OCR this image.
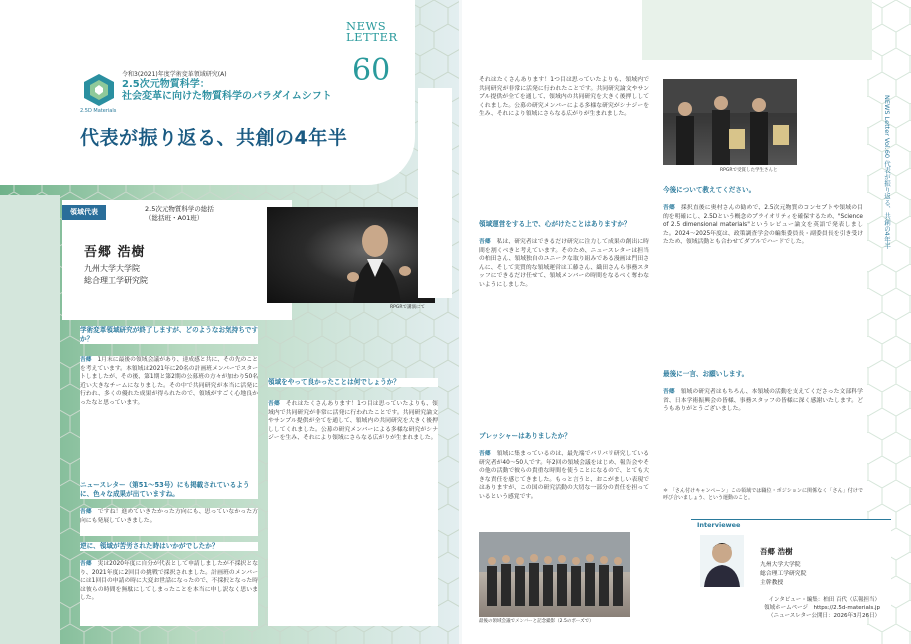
NEWS
LETTER
60
2.5D Materials
令和3(2021)年度学術変革領域研究(A)
2.5次元物質科学：
社会変革に向けた物質科学のパラダイムシフト
代表が振り返る、共創の4年半
領域代表	2.5次元物質科学の総括
（総括班・A01班）
吾郷 浩樹
九州大学大学院
総合理工学研究院
RPGRで講演にて
学術変革領域研究が終了しますが、どのようなお気持ちですか？
吾郷　 1月末に最後の領域会議があり、達成感と共に、その先のことを考えています。本領域は2021年に20名の計画班メンバーでスタートしましたが、その後、第1期と第2期の公募班の方々が加わり50名近い大きなチームになりました。その中で共同研究が本当に活発に行われ、多くの優れた成果が得られたので、領域がすごく心地良かったなと思っています。
ニュースレター（第51〜53号）にも掲載されているように、色々な成果が出ていますね。
吾郷　 ですね！進めていきたかった方向にも、思っていなかった方向にも発展していきました。
逆に、領域が苦労された時はいかがでしたか？
吾郷　 実は2020年度に自分が代表として申請しましたが不採択となり、2021年度に2回目の挑戦で採択されました。計画班のメンバーには1回目の申請の時に大変お世話になったので、不採択となった時は彼らの時間を無駄にしてしまったことを本当に申し訳なく思いました。
領域をやって良かったことは何でしょうか？
吾郷　 それはたくさんあります！1つ目は思っていたよりも、領域内で共同研究が非常に活発に行われたことです。共同研究論文やサンプル提供が全てを通して、領域内の共同研究を大きく後押ししてくれました。公募の研究メンバーによる多様な研究がシナジーを生み、それにより領域にさらなる広がりが生まれました。
それはたくさんあります！1つ目は思っていたよりも、領域内で共同研究が非常に活発に行われたことです。共同研究論文やサンプル提供が全てを通して、領域内の共同研究を大きく後押ししてくれました。公募の研究メンバーによる多様な研究がシナジーを生み、それにより領域にさらなる広がりが生まれました。
領域運営をする上で、心がけたことはありますか？
吾郷　 私は、研究者はできるだけ研究に注力して成果の創出に時間を割くべきと考えています。そのため、ニュースレターは担当の柏田さん、領域独自のユニークな取り組みである漫画は門田さんに、そして実質的な領域運営は工藤さん、織田さんら事務スタッフにできるだけ任せて、領域メンバーの時間をなるべく奪わないようにしました。
プレッシャーはありましたか？
吾郷　 領域に集まっているのは、最先端でバリバリ研究している研究者が40〜50人です。年2回の領域会議をはじめ、報告会やその他の活動で彼らの貴重な時間を使うことになるので、とても大きな責任を感じてきました。もっと言うと、おこがましい表現ではありますが、この国の研究活動の大切な一部分の責任を担っているという感覚です。
最後の領域会議でメンバーと記念撮影（2.5のポーズで）
RPGRで受賞した学生さんと
今後について教えてください。
吾郷　 採択直後に奥村さんの勧めで、2.5次元物質のコンセプトや領域の目的を明確にし、2.5Dという概念のプライオリティを確保するため、"Science of 2.5 dimensional materials"というレビュー論文を英語で発表しました。2024〜2025年度は、政策調査学会の編集委員長・副委員長を引き受けたため、領域活動とも合わせてダブルでハードでした。
最後に一言、お願いします。
吾郷　 領域の研究者はもちろん、本領域の活動を支えてくださった文部科学省、日本学術振興会の皆様、事務スタッフの皆様に深く感謝いたします。どうもありがとうございました。
＊ 「さん付けキャンペーン」この領域では職位・ポジションに関係なく「さん」付けで呼び合いましょう、という運動のこと。
Interviewee
吾郷 浩樹
九州大学大学院
総合理工学研究院
主幹教授
インタビュー・編集：柏田 百代（広報担当）
領域ホームページ　https://2.5d-materials.jp
（ニュースレター公開日：2026年3月26日）
NEWS Letter Vol.60 代表が振り返る、共創の4年半
